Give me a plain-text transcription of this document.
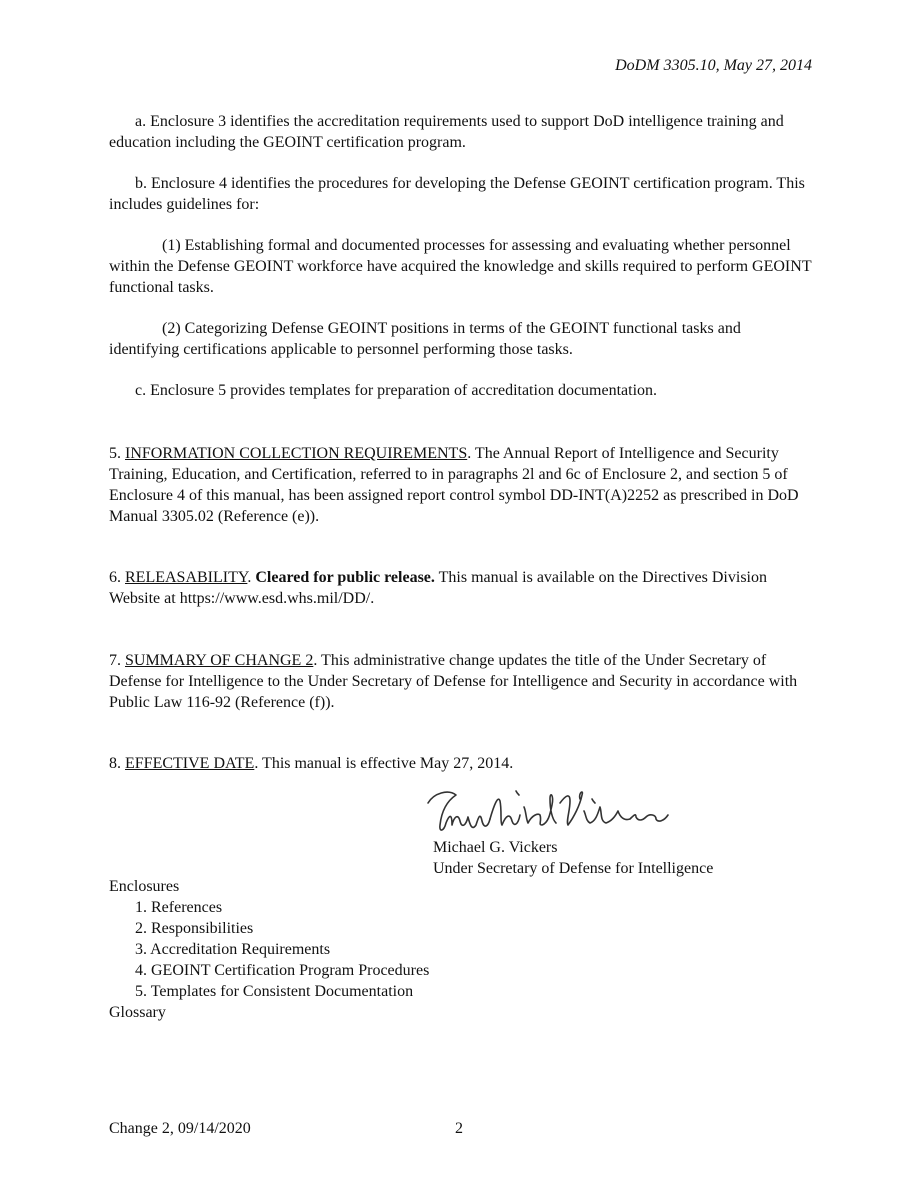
DoDM 3305.10, May 27, 2014
a. Enclosure 3 identifies the accreditation requirements used to support DoD intelligence training and education including the GEOINT certification program.
b. Enclosure 4 identifies the procedures for developing the Defense GEOINT certification program. This includes guidelines for:
(1) Establishing formal and documented processes for assessing and evaluating whether personnel within the Defense GEOINT workforce have acquired the knowledge and skills required to perform GEOINT functional tasks.
(2) Categorizing Defense GEOINT positions in terms of the GEOINT functional tasks and identifying certifications applicable to personnel performing those tasks.
c. Enclosure 5 provides templates for preparation of accreditation documentation.
5. INFORMATION COLLECTION REQUIREMENTS. The Annual Report of Intelligence and Security Training, Education, and Certification, referred to in paragraphs 2l and 6c of Enclosure 2, and section 5 of Enclosure 4 of this manual, has been assigned report control symbol DD-INT(A)2252 as prescribed in DoD Manual 3305.02 (Reference (e)).
6. RELEASABILITY. Cleared for public release. This manual is available on the Directives Division Website at https://www.esd.whs.mil/DD/.
7. SUMMARY OF CHANGE 2. This administrative change updates the title of the Under Secretary of Defense for Intelligence to the Under Secretary of Defense for Intelligence and Security in accordance with Public Law 116-92 (Reference (f)).
8. EFFECTIVE DATE. This manual is effective May 27, 2014.
Michael G. Vickers
Under Secretary of Defense for Intelligence
Enclosures
1. References
2. Responsibilities
3. Accreditation Requirements
4. GEOINT Certification Program Procedures
5. Templates for Consistent Documentation
Glossary
Change 2, 09/14/2020	2
